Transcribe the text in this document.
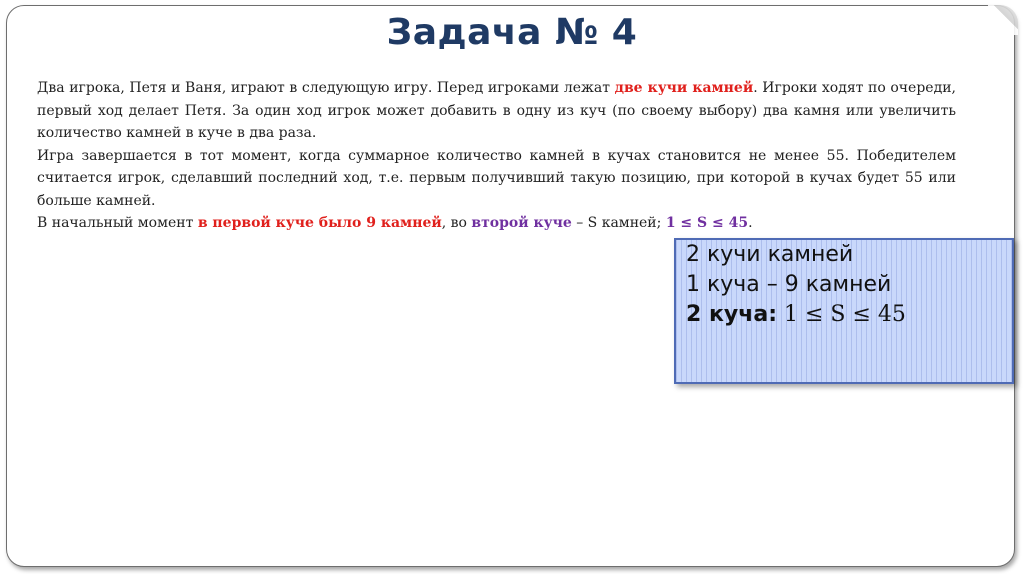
Задача № 4

Два игрока, Петя и Ваня, играют в следующую игру. Перед игроками лежат две кучи камней. Игроки ходят по очереди, первый ход делает Петя. За один ход игрок может добавить в одну из куч (по своему выбору) два камня или увеличить количество камней в куче в два раза.

Игра завершается в тот момент, когда суммарное количество камней в кучах становится не менее 55. Победителем считается игрок, сделавший последний ход, т.е. первым получивший такую позицию, при которой в кучах будет 55 или больше камней.

В начальный момент в первой куче было 9 камней, во второй куче – S камней; 1 ≤ S ≤ 45.

2 кучи камней
1 куча – 9 камней
2 куча: 1 ≤ S ≤ 45
